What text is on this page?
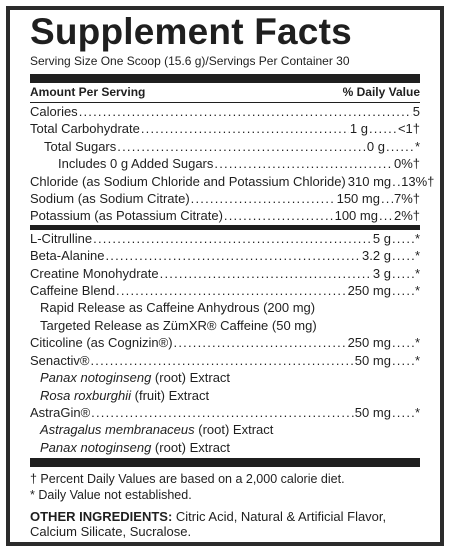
Supplement Facts
Serving Size One Scoop (15.6 g)/Servings Per Container 30
Amount Per Serving	% Daily Value
Calories .....	5
Total Carbohydrate .....	1 g ..... <1†
Total Sugars .....	0 g ..... *
Includes 0 g Added Sugars .....	0%†
Chloride (as Sodium Chloride and Potassium Chloride) 310 mg ..... 13%†
Sodium (as Sodium Citrate) .....	150 mg ..... 7%†
Potassium (as Potassium Citrate) .....	100 mg ..... 2%†
L-Citrulline .....	5 g ..... *
Beta-Alanine .....	3.2 g ..... *
Creatine Monohydrate .....	3 g ..... *
Caffeine Blend .....	250 mg ..... *
Rapid Release as Caffeine Anhydrous (200 mg)
Targeted Release as ZümXR® Caffeine (50 mg)
Citicoline (as Cognizin®) .....	250 mg ..... *
Senactiv® .....	50 mg ..... *
Panax notoginseng (root) Extract
Rosa roxburghii (fruit) Extract
AstraGin® .....	50 mg ..... *
Astragalus membranaceus (root) Extract
Panax notoginseng (root) Extract
† Percent Daily Values are based on a 2,000 calorie diet.
* Daily Value not established.
OTHER INGREDIENTS: Citric Acid, Natural & Artificial Flavor, Calcium Silicate, Sucralose.
